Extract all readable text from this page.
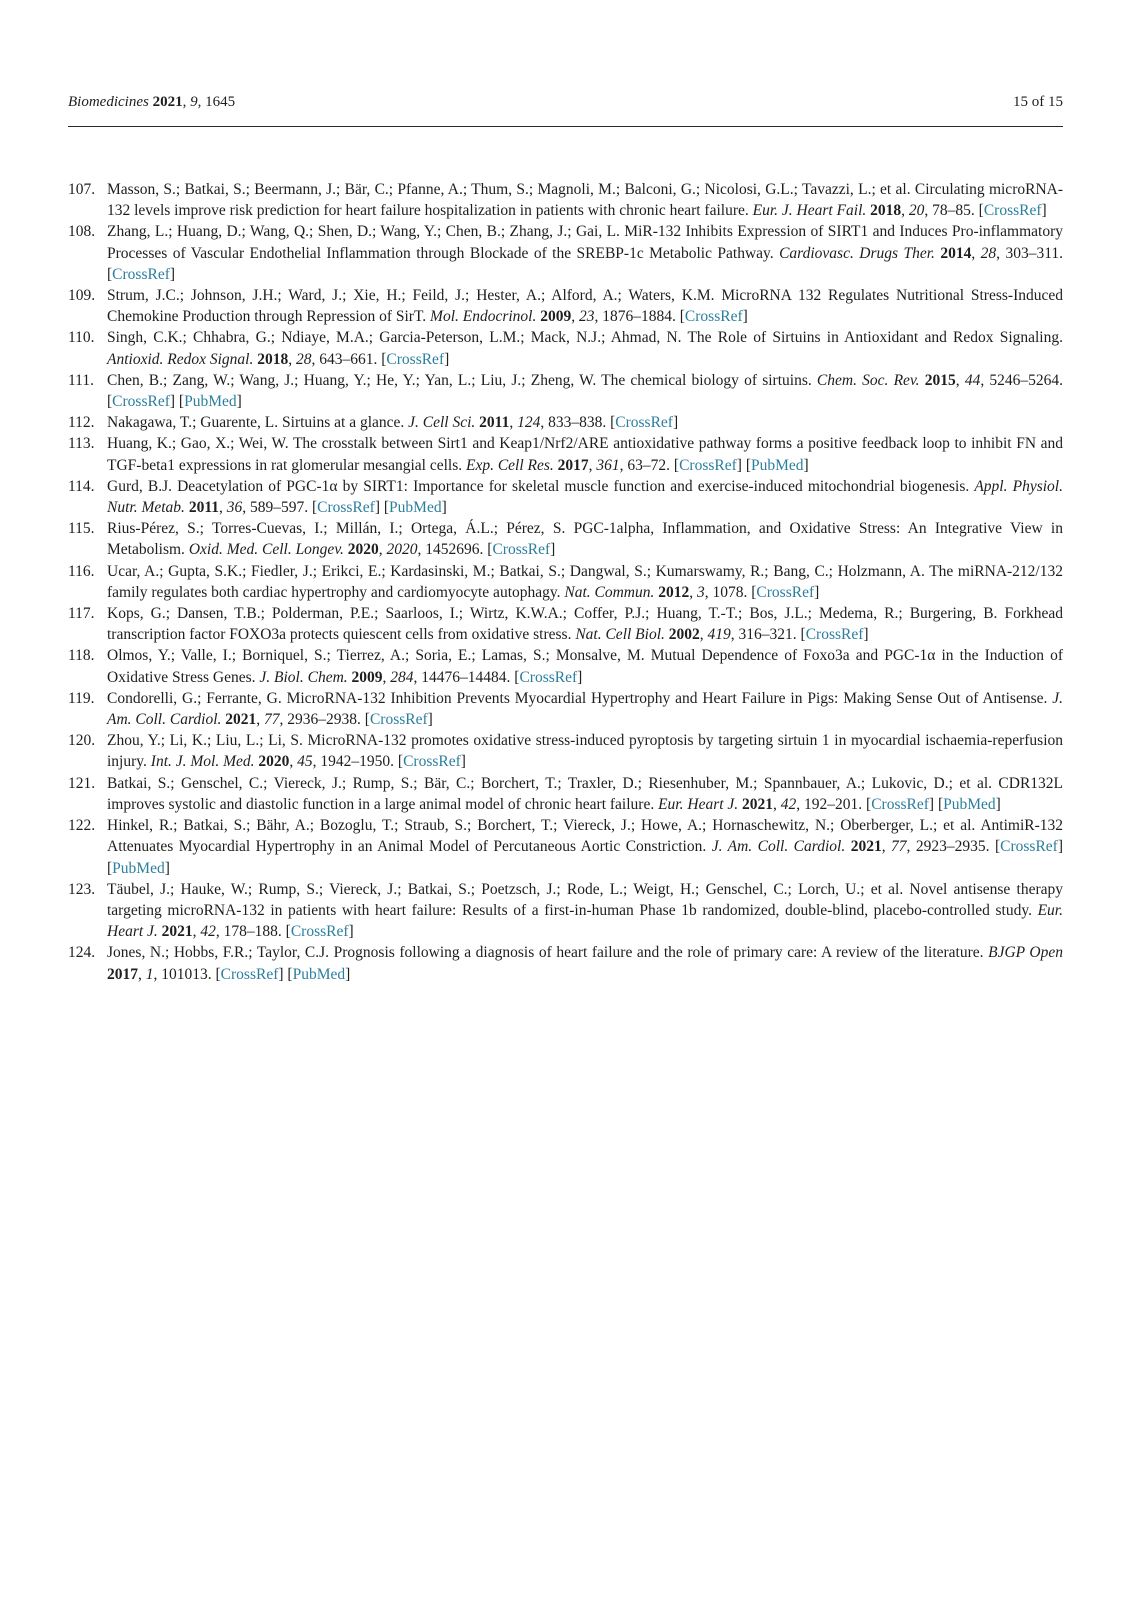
Biomedicines 2021, 9, 1645	15 of 15
107. Masson, S.; Batkai, S.; Beermann, J.; Bär, C.; Pfanne, A.; Thum, S.; Magnoli, M.; Balconi, G.; Nicolosi, G.L.; Tavazzi, L.; et al. Circulating microRNA-132 levels improve risk prediction for heart failure hospitalization in patients with chronic heart failure. Eur. J. Heart Fail. 2018, 20, 78–85. [CrossRef]
108. Zhang, L.; Huang, D.; Wang, Q.; Shen, D.; Wang, Y.; Chen, B.; Zhang, J.; Gai, L. MiR-132 Inhibits Expression of SIRT1 and Induces Pro-inflammatory Processes of Vascular Endothelial Inflammation through Blockade of the SREBP-1c Metabolic Pathway. Cardiovasc. Drugs Ther. 2014, 28, 303–311. [CrossRef]
109. Strum, J.C.; Johnson, J.H.; Ward, J.; Xie, H.; Feild, J.; Hester, A.; Alford, A.; Waters, K.M. MicroRNA 132 Regulates Nutritional Stress-Induced Chemokine Production through Repression of SirT. Mol. Endocrinol. 2009, 23, 1876–1884. [CrossRef]
110. Singh, C.K.; Chhabra, G.; Ndiaye, M.A.; Garcia-Peterson, L.M.; Mack, N.J.; Ahmad, N. The Role of Sirtuins in Antioxidant and Redox Signaling. Antioxid. Redox Signal. 2018, 28, 643–661. [CrossRef]
111. Chen, B.; Zang, W.; Wang, J.; Huang, Y.; He, Y.; Yan, L.; Liu, J.; Zheng, W. The chemical biology of sirtuins. Chem. Soc. Rev. 2015, 44, 5246–5264. [CrossRef] [PubMed]
112. Nakagawa, T.; Guarente, L. Sirtuins at a glance. J. Cell Sci. 2011, 124, 833–838. [CrossRef]
113. Huang, K.; Gao, X.; Wei, W. The crosstalk between Sirt1 and Keap1/Nrf2/ARE antioxidative pathway forms a positive feedback loop to inhibit FN and TGF-beta1 expressions in rat glomerular mesangial cells. Exp. Cell Res. 2017, 361, 63–72. [CrossRef] [PubMed]
114. Gurd, B.J. Deacetylation of PGC-1α by SIRT1: Importance for skeletal muscle function and exercise-induced mitochondrial biogenesis. Appl. Physiol. Nutr. Metab. 2011, 36, 589–597. [CrossRef] [PubMed]
115. Rius-Pérez, S.; Torres-Cuevas, I.; Millán, I.; Ortega, Á.L.; Pérez, S. PGC-1alpha, Inflammation, and Oxidative Stress: An Integrative View in Metabolism. Oxid. Med. Cell. Longev. 2020, 2020, 1452696. [CrossRef]
116. Ucar, A.; Gupta, S.K.; Fiedler, J.; Erikci, E.; Kardasinski, M.; Batkai, S.; Dangwal, S.; Kumarswamy, R.; Bang, C.; Holzmann, A. The miRNA-212/132 family regulates both cardiac hypertrophy and cardiomyocyte autophagy. Nat. Commun. 2012, 3, 1078. [CrossRef]
117. Kops, G.; Dansen, T.B.; Polderman, P.E.; Saarloos, I.; Wirtz, K.W.A.; Coffer, P.J.; Huang, T.-T.; Bos, J.L.; Medema, R.; Burgering, B. Forkhead transcription factor FOXO3a protects quiescent cells from oxidative stress. Nat. Cell Biol. 2002, 419, 316–321. [CrossRef]
118. Olmos, Y.; Valle, I.; Borniquel, S.; Tierrez, A.; Soria, E.; Lamas, S.; Monsalve, M. Mutual Dependence of Foxo3a and PGC-1α in the Induction of Oxidative Stress Genes. J. Biol. Chem. 2009, 284, 14476–14484. [CrossRef]
119. Condorelli, G.; Ferrante, G. MicroRNA-132 Inhibition Prevents Myocardial Hypertrophy and Heart Failure in Pigs: Making Sense Out of Antisense. J. Am. Coll. Cardiol. 2021, 77, 2936–2938. [CrossRef]
120. Zhou, Y.; Li, K.; Liu, L.; Li, S. MicroRNA-132 promotes oxidative stress-induced pyroptosis by targeting sirtuin 1 in myocardial ischaemia-reperfusion injury. Int. J. Mol. Med. 2020, 45, 1942–1950. [CrossRef]
121. Batkai, S.; Genschel, C.; Viereck, J.; Rump, S.; Bär, C.; Borchert, T.; Traxler, D.; Riesenhuber, M.; Spannbauer, A.; Lukovic, D.; et al. CDR132L improves systolic and diastolic function in a large animal model of chronic heart failure. Eur. Heart J. 2021, 42, 192–201. [CrossRef] [PubMed]
122. Hinkel, R.; Batkai, S.; Bähr, A.; Bozoglu, T.; Straub, S.; Borchert, T.; Viereck, J.; Howe, A.; Hornaschewitz, N.; Oberberger, L.; et al. AntimiR-132 Attenuates Myocardial Hypertrophy in an Animal Model of Percutaneous Aortic Constriction. J. Am. Coll. Cardiol. 2021, 77, 2923–2935. [CrossRef] [PubMed]
123. Täubel, J.; Hauke, W.; Rump, S.; Viereck, J.; Batkai, S.; Poetzsch, J.; Rode, L.; Weigt, H.; Genschel, C.; Lorch, U.; et al. Novel antisense therapy targeting microRNA-132 in patients with heart failure: Results of a first-in-human Phase 1b randomized, double-blind, placebo-controlled study. Eur. Heart J. 2021, 42, 178–188. [CrossRef]
124. Jones, N.; Hobbs, F.R.; Taylor, C.J. Prognosis following a diagnosis of heart failure and the role of primary care: A review of the literature. BJGP Open 2017, 1, 101013. [CrossRef] [PubMed]
